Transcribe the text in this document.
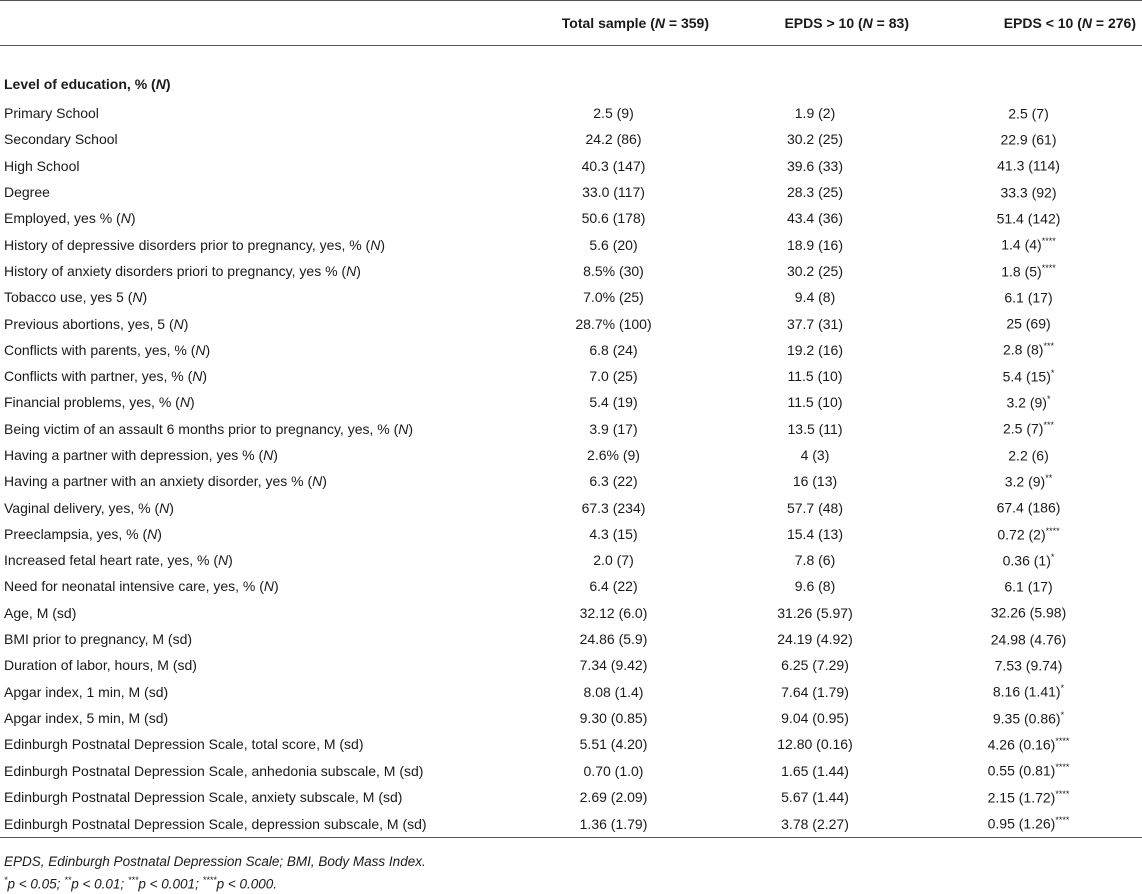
	Total sample (N = 359)	EPDS > 10 (N = 83)	EPDS < 10 (N = 276)
Level of education, % (N)			
Primary School	2.5 (9)	1.9 (2)	2.5 (7)
Secondary School	24.2 (86)	30.2 (25)	22.9 (61)
High School	40.3 (147)	39.6 (33)	41.3 (114)
Degree	33.0 (117)	28.3 (25)	33.3 (92)
Employed, yes % (N)	50.6 (178)	43.4 (36)	51.4 (142)
History of depressive disorders prior to pregnancy, yes, % (N)	5.6 (20)	18.9 (16)	1.4 (4)****
History of anxiety disorders priori to pregnancy, yes % (N)	8.5% (30)	30.2 (25)	1.8 (5)****
Tobacco use, yes 5 (N)	7.0% (25)	9.4 (8)	6.1 (17)
Previous abortions, yes, 5 (N)	28.7% (100)	37.7 (31)	25 (69)
Conflicts with parents, yes, % (N)	6.8 (24)	19.2 (16)	2.8 (8)***
Conflicts with partner, yes, % (N)	7.0 (25)	11.5 (10)	5.4 (15)*
Financial problems, yes, % (N)	5.4 (19)	11.5 (10)	3.2 (9)*
Being victim of an assault 6 months prior to pregnancy, yes, % (N)	3.9 (17)	13.5 (11)	2.5 (7)***
Having a partner with depression, yes % (N)	2.6% (9)	4 (3)	2.2 (6)
Having a partner with an anxiety disorder, yes % (N)	6.3 (22)	16 (13)	3.2 (9)**
Vaginal delivery, yes, % (N)	67.3 (234)	57.7 (48)	67.4 (186)
Preeclampsia, yes, % (N)	4.3 (15)	15.4 (13)	0.72 (2)****
Increased fetal heart rate, yes, % (N)	2.0 (7)	7.8 (6)	0.36 (1)*
Need for neonatal intensive care, yes, % (N)	6.4 (22)	9.6 (8)	6.1 (17)
Age, M (sd)	32.12 (6.0)	31.26 (5.97)	32.26 (5.98)
BMI prior to pregnancy, M (sd)	24.86 (5.9)	24.19 (4.92)	24.98 (4.76)
Duration of labor, hours, M (sd)	7.34 (9.42)	6.25 (7.29)	7.53 (9.74)
Apgar index, 1 min, M (sd)	8.08 (1.4)	7.64 (1.79)	8.16 (1.41)*
Apgar index, 5 min, M (sd)	9.30 (0.85)	9.04 (0.95)	9.35 (0.86)*
Edinburgh Postnatal Depression Scale, total score, M (sd)	5.51 (4.20)	12.80 (0.16)	4.26 (0.16)****
Edinburgh Postnatal Depression Scale, anhedonia subscale, M (sd)	0.70 (1.0)	1.65 (1.44)	0.55 (0.81)****
Edinburgh Postnatal Depression Scale, anxiety subscale, M (sd)	2.69 (2.09)	5.67 (1.44)	2.15 (1.72)****
Edinburgh Postnatal Depression Scale, depression subscale, M (sd)	1.36 (1.79)	3.78 (2.27)	0.95 (1.26)****
EPDS, Edinburgh Postnatal Depression Scale; BMI, Body Mass Index.
*p < 0.05; **p < 0.01; ***p < 0.001; ****p < 0.000.
